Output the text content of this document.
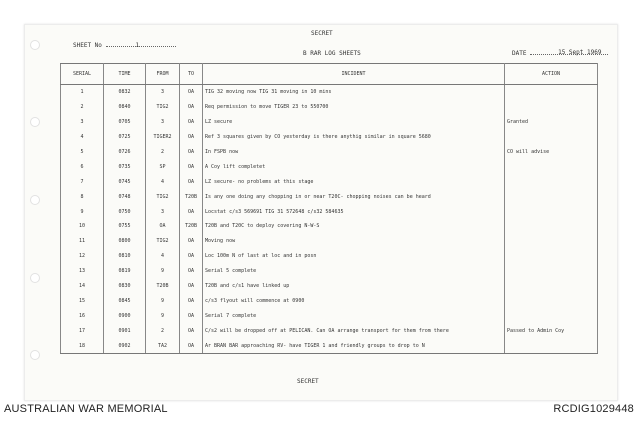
SECRET
SHEET No	1
B RAR LOG SHEETS	DATE	15 Sept 1969
SERIAL	TIME	FROM	TO	INCIDENT	ACTION
1	0832	3	OA	TIG 32 moving now TIG 31 moving in 10 mins	
2	0840	TIG2	OA	Req permission to move TIGER 23 to 550700	
3	0705	3	OA	LZ secure	Granted
4	0725	TIGER2	OA	Ref 3 squares given by CO yesterday is there anythig similar in square 5680	
5	0726	2	OA	In FSPB now	CO will advise
6	0735	SP	OA	A Coy lift completet	
7	0745	4	OA	LZ secure- no problems at this stage	
8	0748	TIG2	T20B	Is any one doing any chopping in or near T20C- chopping noises can be heard	
9	0750	3	OA	Locstat c/s3 569691 TIG 31 572648 c/s32 584635	
10	0755	OA	T20B	T20B and T20C to deploy covering N-W-S	
11	0800	TIG2	OA	Moving now	
12	0810	4	OA	Loc 100m N of last at loc and in posn	
13	0819	9	OA	Serial 5 complete	
14	0830	T20B	OA	T20B and c/s1 have linked up	
15	0845	9	OA	c/s3 flyout will commence at 0900	
16	0900	9	OA	Serial 7 complete	
17	0901	2	OA	C/s2 will be dropped off at PELICAN. Can OA arrange transport for them from there	Passed to Admin Coy
18	0902	TA2	OA	Ar BRAN BAR approaching RV- have TIGER 1 and friendly groups to drop to N	
SECRET
AUSTRALIAN WAR MEMORIAL	RCDIG1029448
